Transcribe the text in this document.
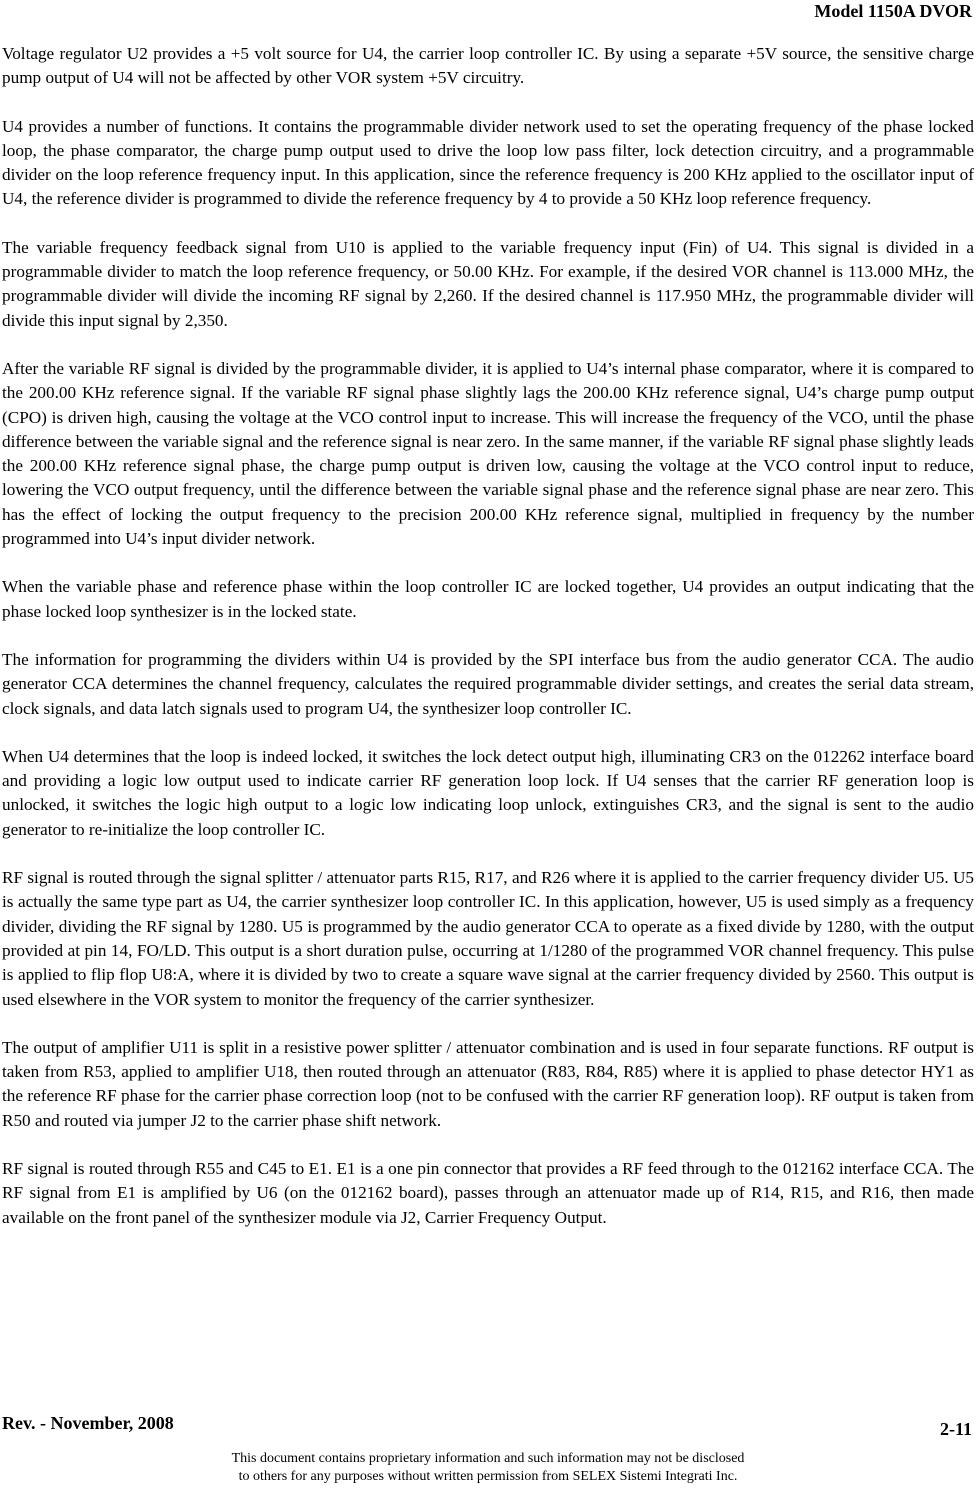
Model 1150A DVOR

Voltage regulator U2 provides a +5 volt source for U4, the carrier loop controller IC. By using a separate +5V source, the sensitive charge pump output of U4 will not be affected by other VOR system +5V circuitry.

U4 provides a number of functions. It contains the programmable divider network used to set the operating frequency of the phase locked loop, the phase comparator, the charge pump output used to drive the loop low pass filter, lock detection circuitry, and a programmable divider on the loop reference frequency input. In this application, since the reference frequency is 200 KHz applied to the oscillator input of U4, the reference divider is programmed to divide the reference frequency by 4 to provide a 50 KHz loop reference frequency.

The variable frequency feedback signal from U10 is applied to the variable frequency input (Fin) of U4. This signal is divided in a programmable divider to match the loop reference frequency, or 50.00 KHz. For example, if the desired VOR channel is 113.000 MHz, the programmable divider will divide the incoming RF signal by 2,260. If the desired channel is 117.950 MHz, the programmable divider will divide this input signal by 2,350.

After the variable RF signal is divided by the programmable divider, it is applied to U4’s internal phase comparator, where it is compared to the 200.00 KHz reference signal. If the variable RF signal phase slightly lags the 200.00 KHz reference signal, U4’s charge pump output (CPO) is driven high, causing the voltage at the VCO control input to increase. This will increase the frequency of the VCO, until the phase difference between the variable signal and the reference signal is near zero. In the same manner, if the variable RF signal phase slightly leads the 200.00 KHz reference signal phase, the charge pump output is driven low, causing the voltage at the VCO control input to reduce, lowering the VCO output frequency, until the difference between the variable signal phase and the reference signal phase are near zero. This has the effect of locking the output frequency to the precision 200.00 KHz reference signal, multiplied in frequency by the number programmed into U4’s input divider network.

When the variable phase and reference phase within the loop controller IC are locked together, U4 provides an output indicating that the phase locked loop synthesizer is in the locked state.

The information for programming the dividers within U4 is provided by the SPI interface bus from the audio generator CCA. The audio generator CCA determines the channel frequency, calculates the required programmable divider settings, and creates the serial data stream, clock signals, and data latch signals used to program U4, the synthesizer loop controller IC.

When U4 determines that the loop is indeed locked, it switches the lock detect output high, illuminating CR3 on the 012262 interface board and providing a logic low output used to indicate carrier RF generation loop lock. If U4 senses that the carrier RF generation loop is unlocked, it switches the logic high output to a logic low indicating loop unlock, extinguishes CR3, and the signal is sent to the audio generator to re-initialize the loop controller IC.

RF signal is routed through the signal splitter / attenuator parts R15, R17, and R26 where it is applied to the carrier frequency divider U5. U5 is actually the same type part as U4, the carrier synthesizer loop controller IC. In this application, however, U5 is used simply as a frequency divider, dividing the RF signal by 1280. U5 is programmed by the audio generator CCA to operate as a fixed divide by 1280, with the output provided at pin 14, FO/LD. This output is a short duration pulse, occurring at 1/1280 of the programmed VOR channel frequency. This pulse is applied to flip flop U8:A, where it is divided by two to create a square wave signal at the carrier frequency divided by 2560. This output is used elsewhere in the VOR system to monitor the frequency of the carrier synthesizer.

The output of amplifier U11 is split in a resistive power splitter / attenuator combination and is used in four separate functions. RF output is taken from R53, applied to amplifier U18, then routed through an attenuator (R83, R84, R85) where it is applied to phase detector HY1 as the reference RF phase for the carrier phase correction loop (not to be confused with the carrier RF generation loop). RF output is taken from R50 and routed via jumper J2 to the carrier phase shift network.

RF signal is routed through R55 and C45 to E1. E1 is a one pin connector that provides a RF feed through to the 012162 interface CCA. The RF signal from E1 is amplified by U6 (on the 012162 board), passes through an attenuator made up of R14, R15, and R16, then made available on the front panel of the synthesizer module via J2, Carrier Frequency Output.

Rev. - November, 2008	2-11
This document contains proprietary information and such information may not be disclosed
to others for any purposes without written permission from SELEX Sistemi Integrati Inc.
